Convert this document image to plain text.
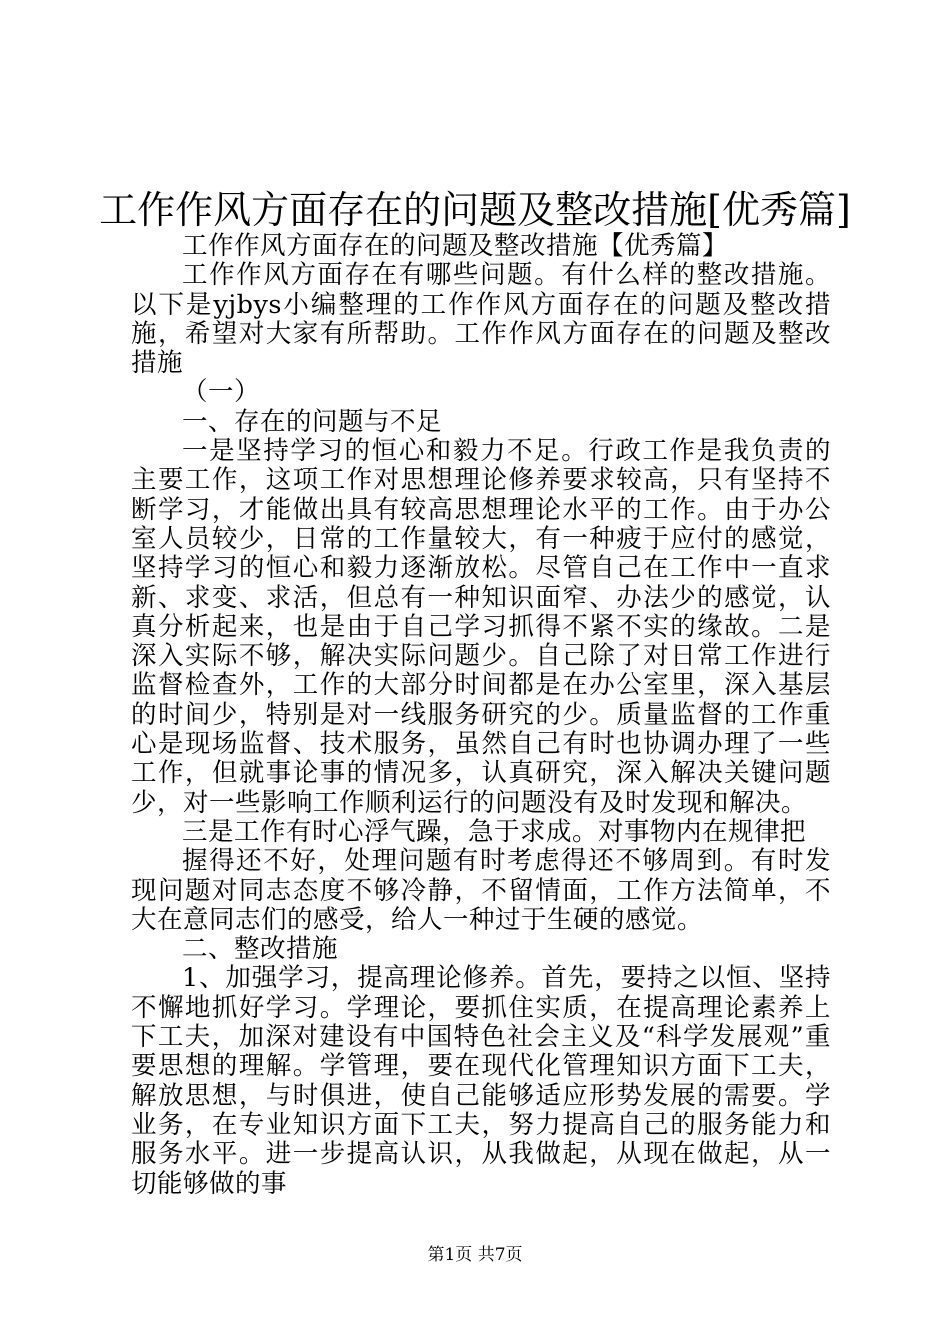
工作作风方面存在的问题及整改措施[优秀篇]

工作作风方面存在的问题及整改措施【优秀篇】

工作作风方面存在有哪些问题。有什么样的整改措施。以下是yjbys小编整理的工作作风方面存在的问题及整改措施，希望对大家有所帮助。工作作风方面存在的问题及整改措施

（一）

一、存在的问题与不足

一是坚持学习的恒心和毅力不足。行政工作是我负责的主要工作，这项工作对思想理论修养要求较高，只有坚持不断学习，才能做出具有较高思想理论水平的工作。由于办公室人员较少，日常的工作量较大，有一种疲于应付的感觉，坚持学习的恒心和毅力逐渐放松。尽管自己在工作中一直求新、求变、求活，但总有一种知识面窄、办法少的感觉，认真分析起来，也是由于自己学习抓得不紧不实的缘故。二是深入实际不够，解决实际问题少。自己除了对日常工作进行监督检查外，工作的大部分时间都是在办公室里，深入基层的时间少，特别是对一线服务研究的少。质量监督的工作重心是现场监督、技术服务，虽然自己有时也协调办理了一些工作，但就事论事的情况多，认真研究，深入解决关键问题少，对一些影响工作顺利运行的问题没有及时发现和解决。

三是工作有时心浮气躁，急于求成。对事物内在规律把

握得还不好，处理问题有时考虑得还不够周到。有时发现问题对同志态度不够冷静，不留情面，工作方法简单，不大在意同志们的感受，给人一种过于生硬的感觉。

二、整改措施

1、加强学习，提高理论修养。首先，要持之以恒、坚持不懈地抓好学习。学理论，要抓住实质，在提高理论素养上下工夫，加深对建设有中国特色社会主义及“科学发展观”重要思想的理解。学管理，要在现代化管理知识方面下工夫，解放思想，与时俱进，使自己能够适应形势发展的需要。学业务，在专业知识方面下工夫，努力提高自己的服务能力和服务水平。进一步提高认识，从我做起，从现在做起，从一切能够做的事

第1页 共7页
